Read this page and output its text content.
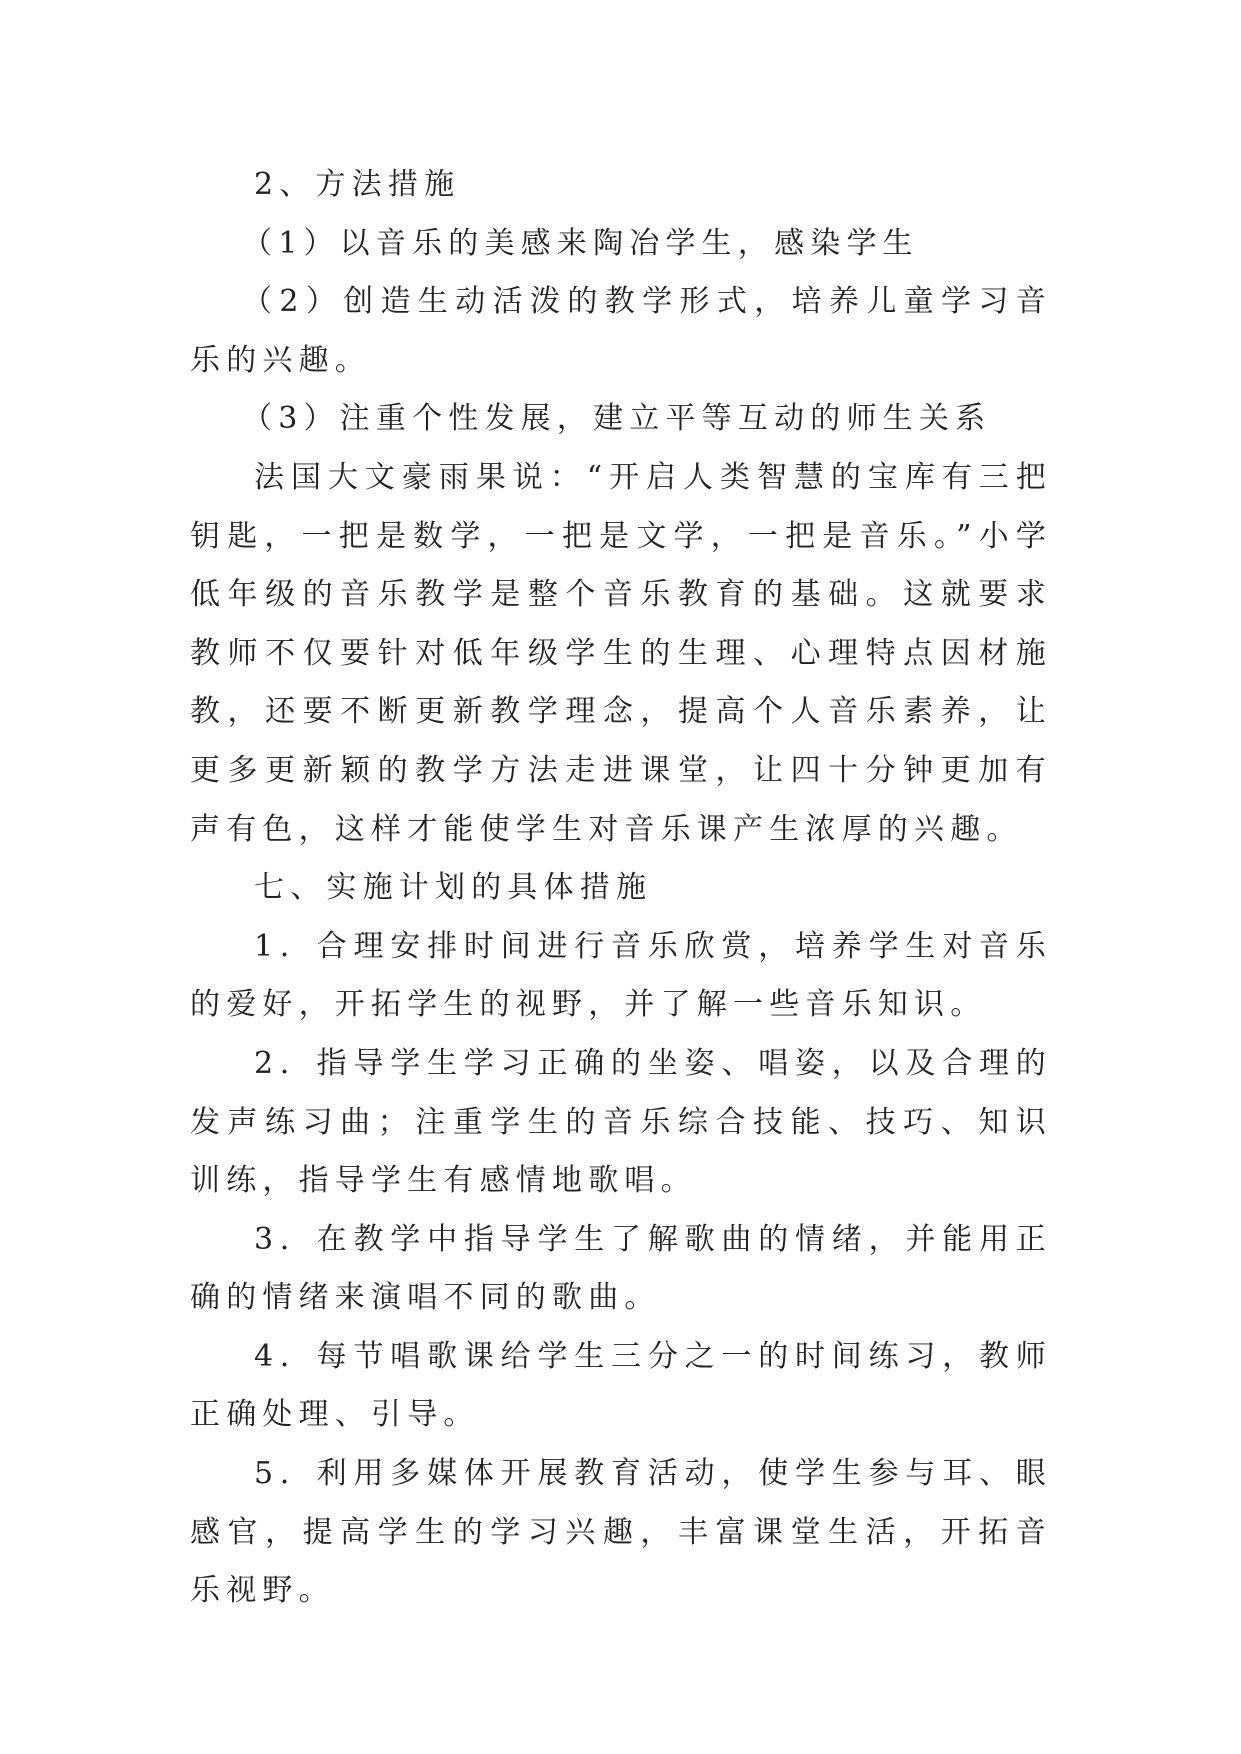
2、方法措施

（1）以音乐的美感来陶冶学生，感染学生

（2）创造生动活泼的教学形式，培养儿童学习音乐的兴趣。

（3）注重个性发展，建立平等互动的师生关系

法国大文豪雨果说：“开启人类智慧的宝库有三把钥匙，一把是数学，一把是文学，一把是音乐。”小学低年级的音乐教学是整个音乐教育的基础。这就要求教师不仅要针对低年级学生的生理、心理特点因材施教，还要不断更新教学理念，提高个人音乐素养，让更多更新颖的教学方法走进课堂，让四十分钟更加有声有色，这样才能使学生对音乐课产生浓厚的兴趣。

七、实施计划的具体措施

1．合理安排时间进行音乐欣赏，培养学生对音乐的爱好，开拓学生的视野，并了解一些音乐知识。

2．指导学生学习正确的坐姿、唱姿，以及合理的发声练习曲；注重学生的音乐综合技能、技巧、知识训练，指导学生有感情地歌唱。

3．在教学中指导学生了解歌曲的情绪，并能用正确的情绪来演唱不同的歌曲。

4．每节唱歌课给学生三分之一的时间练习，教师正确处理、引导。

5．利用多媒体开展教育活动，使学生参与耳、眼感官，提高学生的学习兴趣，丰富课堂生活，开拓音乐视野。
